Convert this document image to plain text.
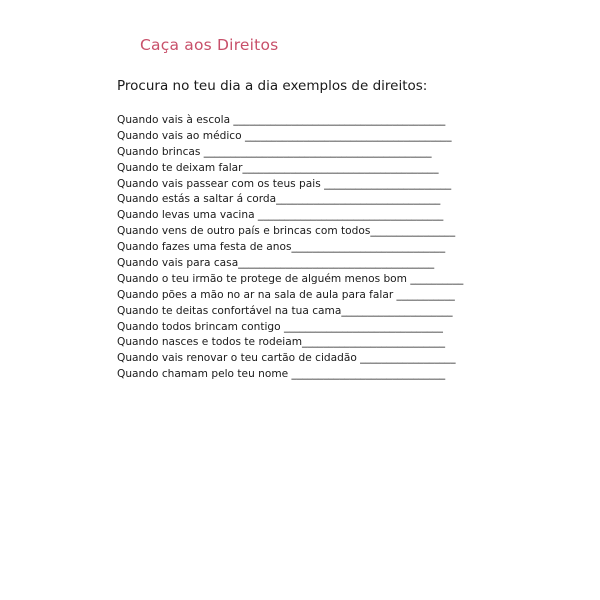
Caça aos Direitos
Procura no teu dia a dia exemplos de direitos:
Quando vais à escola ________________________________________
Quando vais ao médico _______________________________________
Quando brincas ___________________________________________
Quando te deixam falar_____________________________________
Quando vais passear com os teus pais ________________________
Quando estás a saltar á corda_______________________________
Quando levas uma vacina ___________________________________
Quando vens de outro país e brincas com todos________________
Quando fazes uma festa de anos_____________________________
Quando vais para casa_____________________________________
Quando o teu irmão te protege de alguém menos bom __________
Quando pões a mão no ar na sala de aula para falar ___________
Quando te deitas confortável na tua cama_____________________
Quando todos brincam contigo ______________________________
Quando nasces e todos te rodeiam___________________________
Quando vais renovar o teu cartão de cidadão __________________
Quando chamam pelo teu nome _____________________________
